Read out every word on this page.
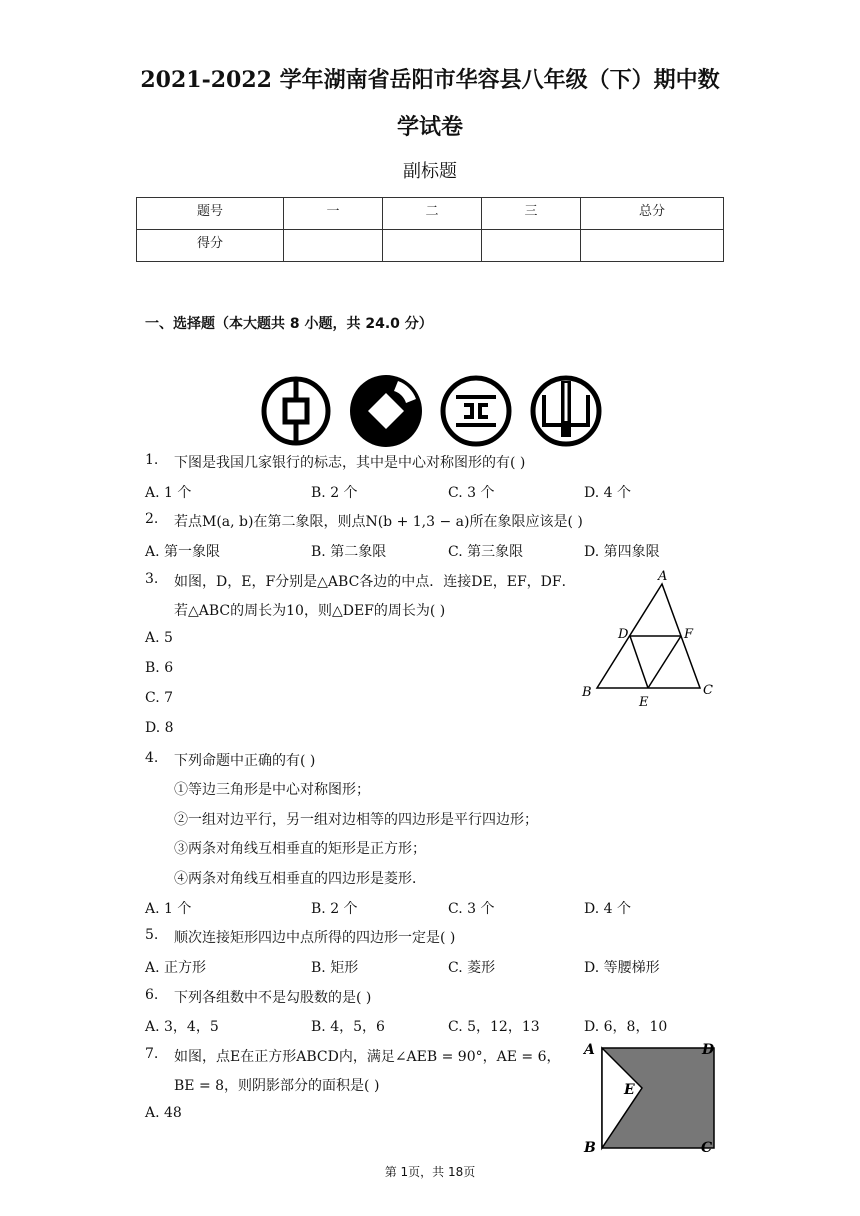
2021-2022 学年湖南省岳阳市华容县八年级（下）期中数
学试卷
副标题
题号	一	二	三	总分
得分				
一、选择题（本大题共 8 小题，共 24.0 分）
1. 下图是我国几家银行的标志，其中是中心对称图形的有( )
A. 1 个	B. 2 个	C. 3 个	D. 4 个
2. 若点M(a, b)在第二象限，则点N(b + 1,3 − a)所在象限应该是( )
A. 第一象限	B. 第二象限	C. 第三象限	D. 第四象限
3. 如图，D，E，F分别是△ABC各边的中点．连接DE，EF，DF．
若△ABC的周长为10，则△DEF的周长为( )
A. 5
B. 6
C. 7
D. 8
A
D	F
B
E
C
4. 下列命题中正确的有( )
①等边三角形是中心对称图形；
②一组对边平行，另一组对边相等的四边形是平行四边形；
③两条对角线互相垂直的矩形是正方形；
④两条对角线互相垂直的四边形是菱形．
A. 1 个	B. 2 个	C. 3 个	D. 4 个
5. 顺次连接矩形四边中点所得的四边形一定是( )
A. 正方形	B. 矩形	C. 菱形	D. 等腰梯形
6. 下列各组数中不是勾股数的是( )
A. 3，4，5	B. 4，5，6	C. 5，12，13	D. 6，8，10
7. 如图，点E在正方形ABCD内，满足∠AEB = 90°，AE = 6，
BE = 8，则阴影部分的面积是( )
A. 48
A	D
E
B	C
第 1页，共 18页
